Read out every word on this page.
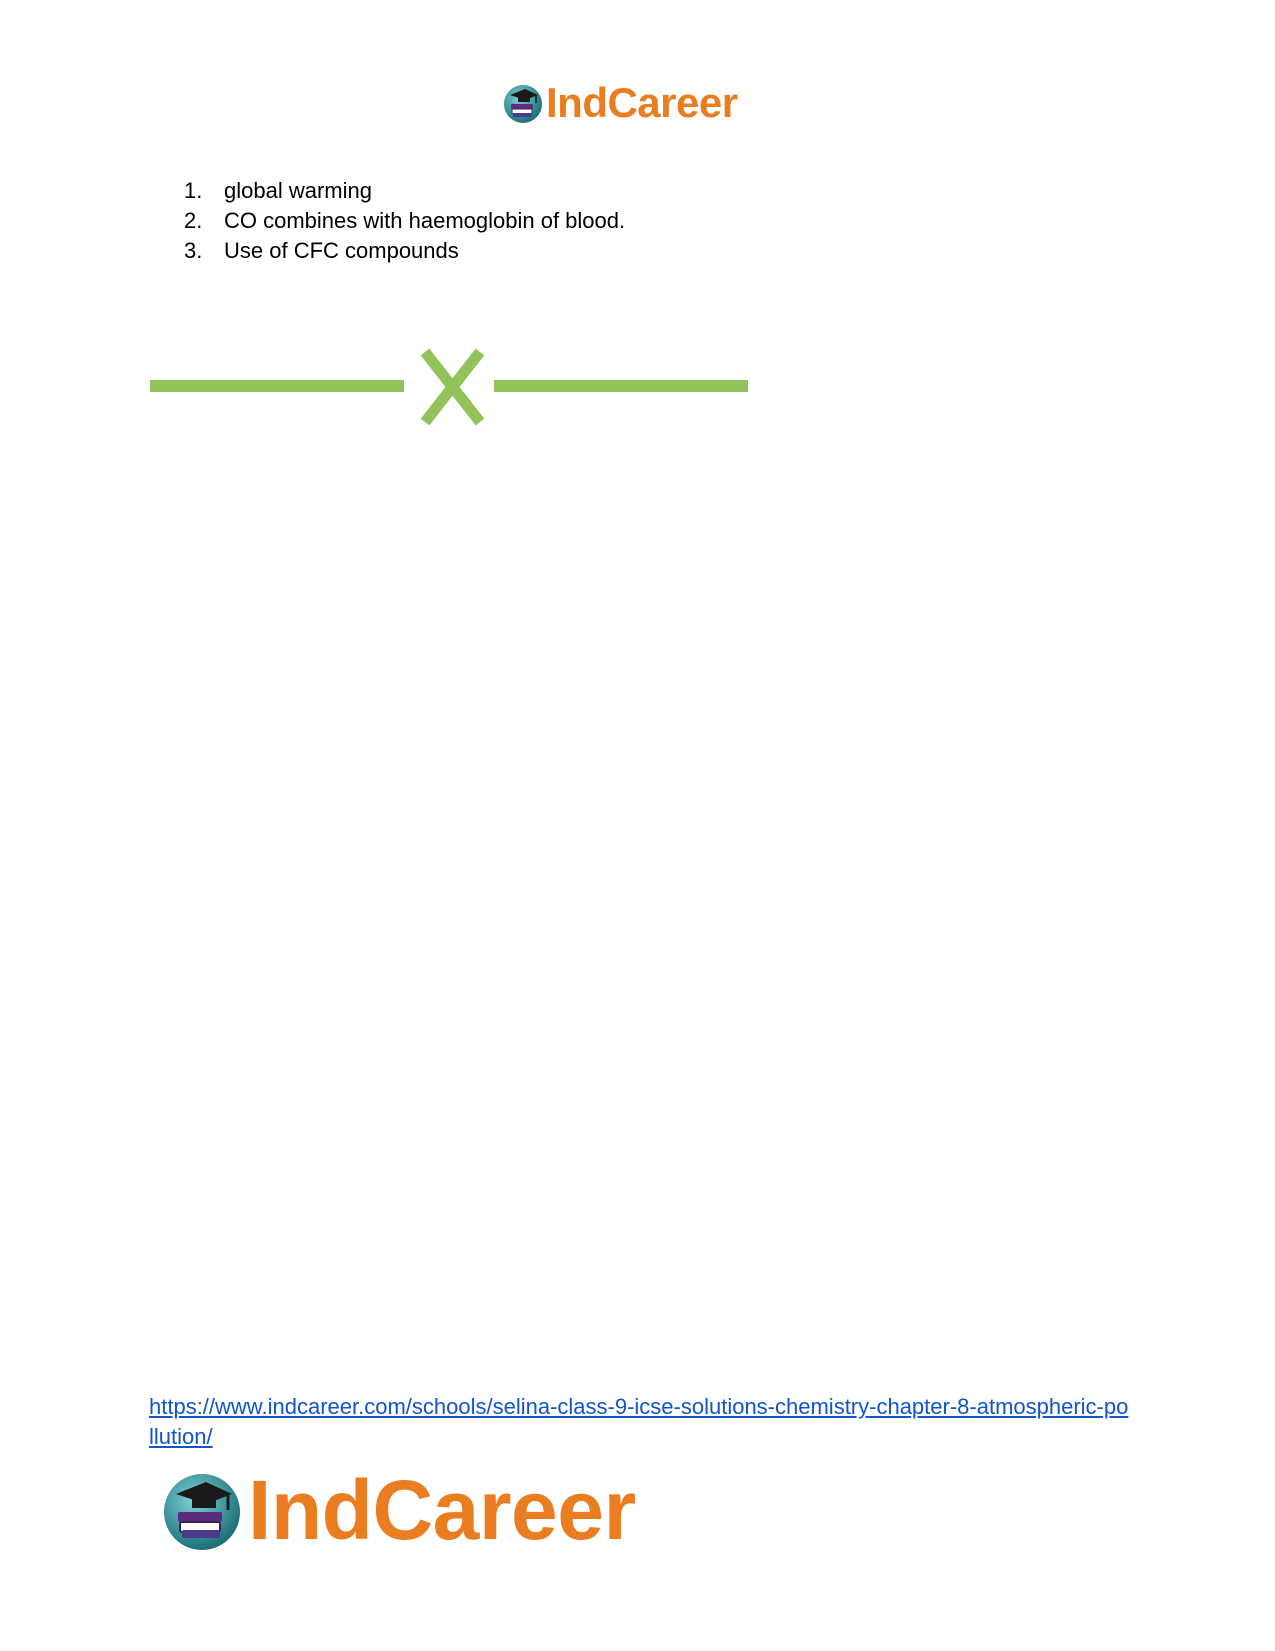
IndCareer
1. global warming
2. CO combines with haemoglobin of blood.
3. Use of CFC compounds
https://www.indcareer.com/schools/selina-class-9-icse-solutions-chemistry-chapter-8-atmospheric-pollution/
IndCareer
